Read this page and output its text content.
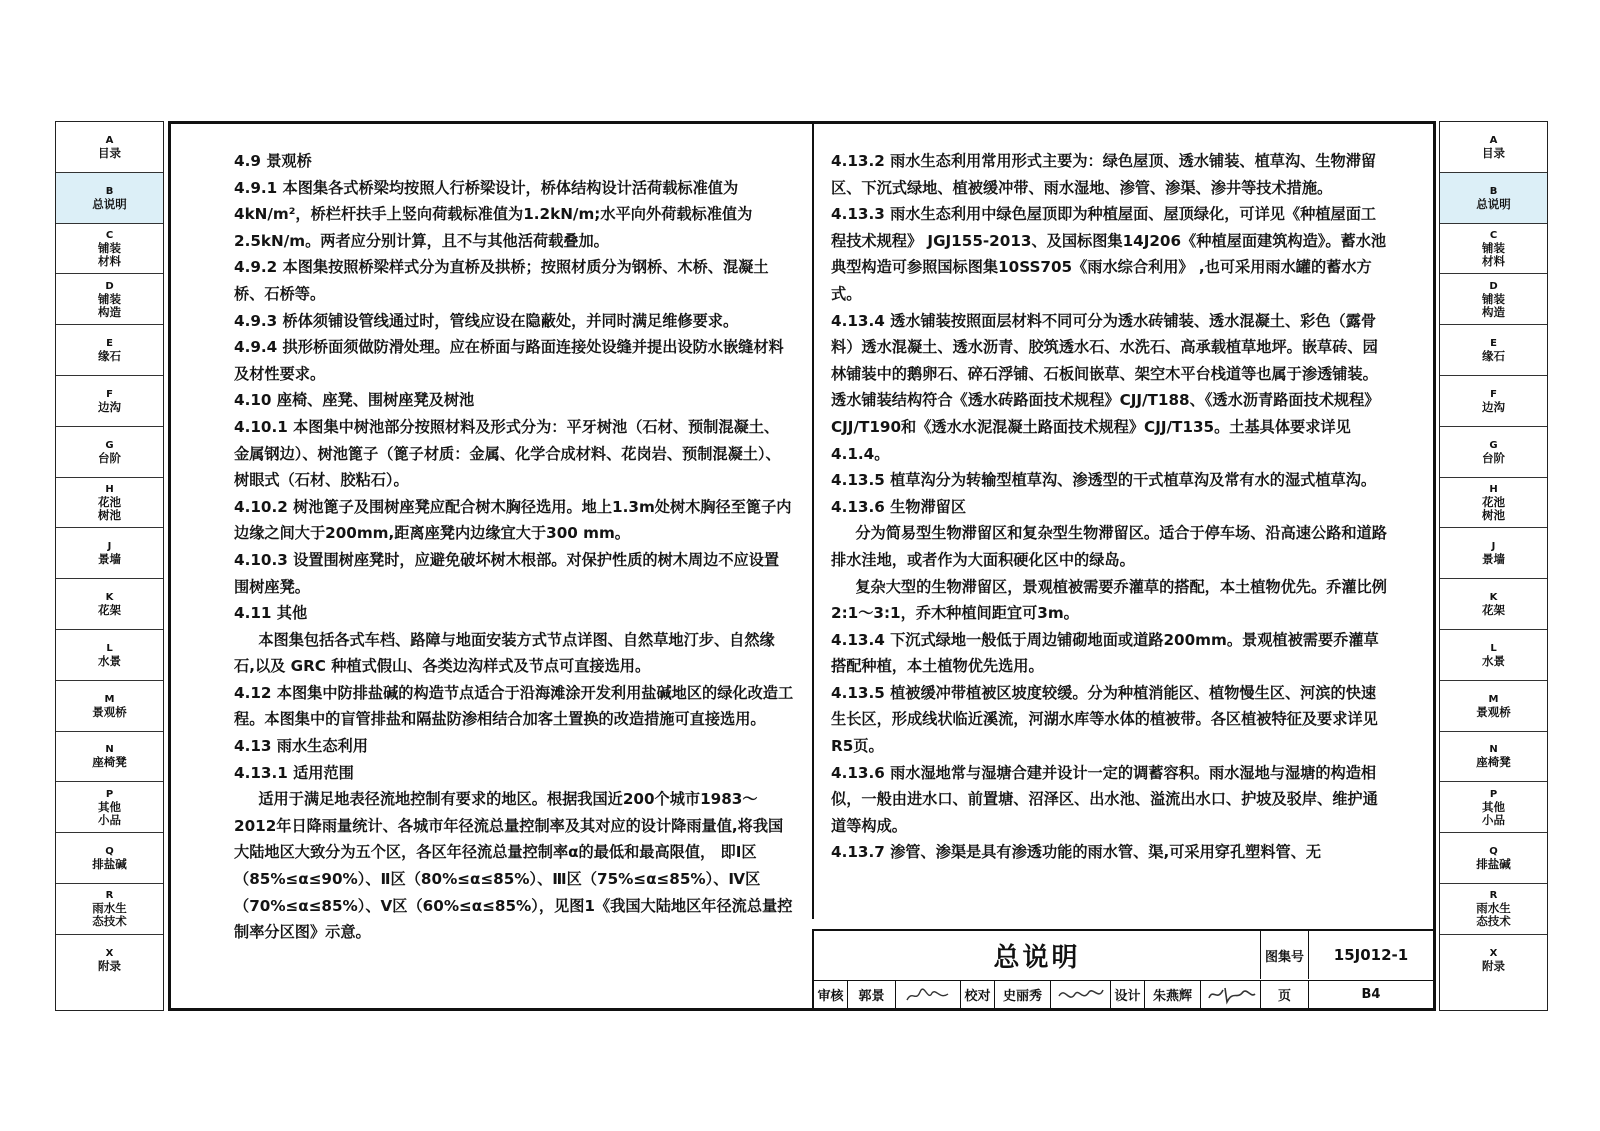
A
目录
B
总说明
C
铺装
材料
D
铺装
构造
E
缘石
F
边沟
G
台阶
H
花池
树池
J
景墙
K
花架
L
水景
M
景观桥
N
座椅凳
P
其他
小品
Q
排盐碱
R
雨水生
态技术
X
附录
A
目录
B
总说明
C
铺装
材料
D
铺装
构造
E
缘石
F
边沟
G
台阶
H
花池
树池
J
景墙
K
花架
L
水景
M
景观桥
N
座椅凳
P
其他
小品
Q
排盐碱
R
雨水生
态技术
X
附录

4.9 景观桥

4.9.1 本图集各式桥梁均按照人行桥梁设计，桥体结构设计活荷载标准值为4kN/m²，桥栏杆扶手上竖向荷载标准值为1.2kN/m;水平向外荷载标准值为2.5kN/m。两者应分别计算，且不与其他活荷载叠加。

4.9.2 本图集按照桥梁样式分为直桥及拱桥；按照材质分为钢桥、木桥、混凝土桥、石桥等。

4.9.3 桥体须铺设管线通过时，管线应设在隐蔽处，并同时满足维修要求。

4.9.4 拱形桥面须做防滑处理。应在桥面与路面连接处设缝并提出设防水嵌缝材料及材性要求。

4.10 座椅、座凳、围树座凳及树池

4.10.1 本图集中树池部分按照材料及形式分为：平牙树池（石材、预制混凝土、金属钢边）、树池篦子（篦子材质：金属、化学合成材料、花岗岩、预制混凝土）、树眼式（石材、胶粘石）。

4.10.2 树池篦子及围树座凳应配合树木胸径选用。地上1.3m处树木胸径至篦子内边缘之间大于200mm,距离座凳内边缘宜大于300 mm。

4.10.3 设置围树座凳时，应避免破坏树木根部。对保护性质的树木周边不应设置围树座凳。

4.11 其他

本图集包括各式车档、路障与地面安装方式节点详图、自然草地汀步、自然缘石,以及 GRC 种植式假山、各类边沟样式及节点可直接选用。

4.12 本图集中防排盐碱的构造节点适合于沿海滩涂开发利用盐碱地区的绿化改造工程。本图集中的盲管排盐和隔盐防渗相结合加客土置换的改造措施可直接选用。

4.13 雨水生态利用

4.13.1 适用范围

适用于满足地表径流地控制有要求的地区。根据我国近200个城市1983～2012年日降雨量统计、各城市年径流总量控制率及其对应的设计降雨量值,将我国大陆地区大致分为五个区，各区年径流总量控制率α的最低和最高限值， 即Ⅰ区（85%≤α≤90%）、Ⅱ区（80%≤α≤85%）、Ⅲ区（75%≤α≤85%）、Ⅳ区（70%≤α≤85%）、Ⅴ区（60%≤α≤85%），见图1《我国大陆地区年径流总量控制率分区图》示意。

4.13.2 雨水生态利用常用形式主要为：绿色屋顶、透水铺装、植草沟、生物滞留区、下沉式绿地、植被缓冲带、雨水湿地、渗管、渗渠、渗井等技术措施。

4.13.3 雨水生态利用中绿色屋顶即为种植屋面、屋顶绿化，可详见《种植屋面工程技术规程》 JGJ155-2013、及国标图集14J206《种植屋面建筑构造》。蓄水池典型构造可参照国标图集10SS705《雨水综合利用》 ,也可采用雨水罐的蓄水方式。

4.13.4 透水铺装按照面层材料不同可分为透水砖铺装、透水混凝土、彩色（露骨料）透水混凝土、透水沥青、胶筑透水石、水洗石、高承载植草地坪。嵌草砖、园林铺装中的鹅卵石、碎石浮铺、石板间嵌草、架空木平台栈道等也属于渗透铺装。透水铺装结构符合《透水砖路面技术规程》CJJ/T188、《透水沥青路面技术规程》CJJ/T190和《透水水泥混凝土路面技术规程》CJJ/T135。土基具体要求详见4.1.4。

4.13.5 植草沟分为转输型植草沟、渗透型的干式植草沟及常有水的湿式植草沟。

4.13.6 生物滞留区

分为简易型生物滞留区和复杂型生物滞留区。适合于停车场、沿高速公路和道路排水洼地，或者作为大面积硬化区中的绿岛。

复杂大型的生物滞留区，景观植被需要乔灌草的搭配，本土植物优先。乔灌比例2:1～3:1，乔木种植间距宜可3m。

4.13.4 下沉式绿地一般低于周边铺砌地面或道路200mm。景观植被需要乔灌草搭配种植，本土植物优先选用。

4.13.5 植被缓冲带植被区坡度较缓。分为种植消能区、植物慢生区、河滨的快速生长区，形成线状临近溪流，河湖水库等水体的植被带。各区植被特征及要求详见R5页。

4.13.6 雨水湿地常与湿塘合建并设计一定的调蓄容积。雨水湿地与湿塘的构造相似，一般由进水口、前置塘、沼泽区、出水池、溢流出水口、护坡及驳岸、维护通道等构成。

4.13.7 渗管、渗渠是具有渗透功能的雨水管、渠,可采用穿孔塑料管、无

总说明	图集号	15J012-1
审核	郭景	校对 史丽秀	设计 朱燕辉	页	B4
